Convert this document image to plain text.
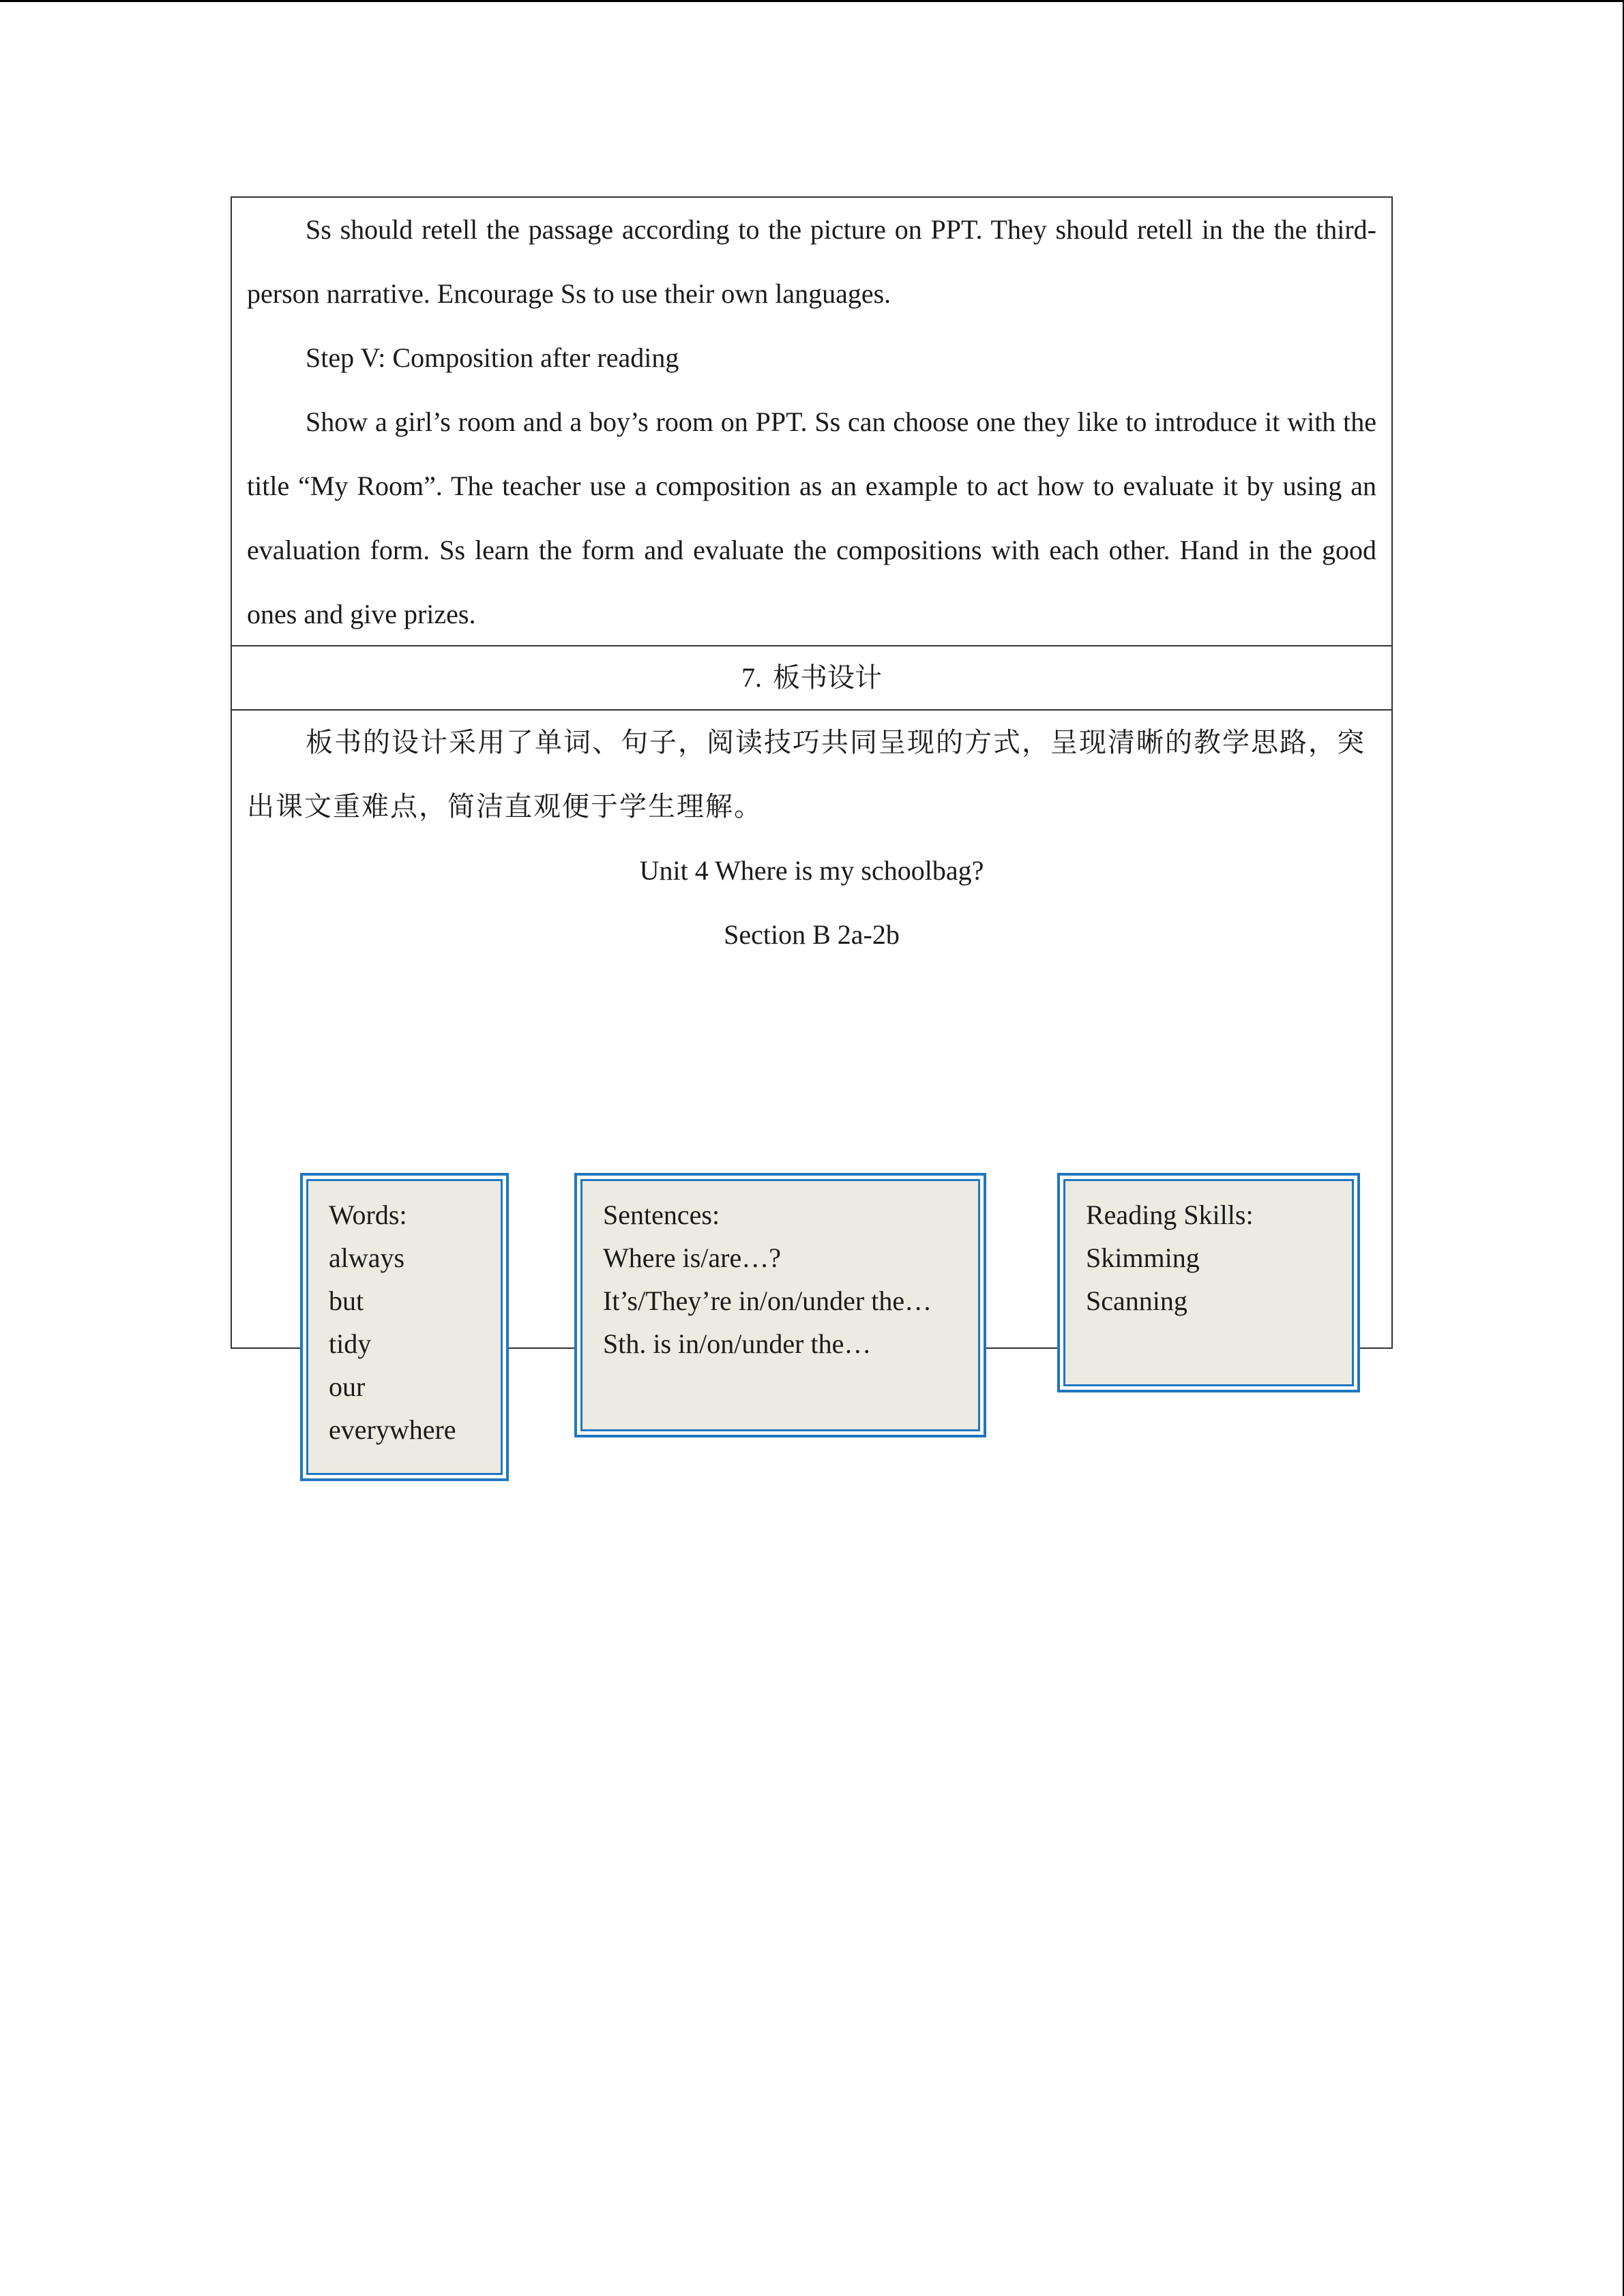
Ss should retell the passage according to the picture on PPT. They should retell in the the third-person narrative. Encourage Ss to use their own languages.

Step V: Composition after reading

Show a girl’s room and a boy’s room on PPT. Ss can choose one they like to introduce it with the title “My Room”. The teacher use a composition as an example to act how to evaluate it by using an evaluation form. Ss learn the form and evaluate the compositions with each other. Hand in the good ones and give prizes.

7. 板书设计

板书的设计采用了单词、句子，阅读技巧共同呈现的方式，呈现清晰的教学思路，突出课文重难点，简洁直观便于学生理解。

Unit 4 Where is my schoolbag?

Section B 2a-2b

Words:
always
but
tidy
our
everywhere
Sentences:
Where is/are…?
It’s/They’re in/on/under the…
Sth. is in/on/under the…
Reading Skills:
Skimming
Scanning
